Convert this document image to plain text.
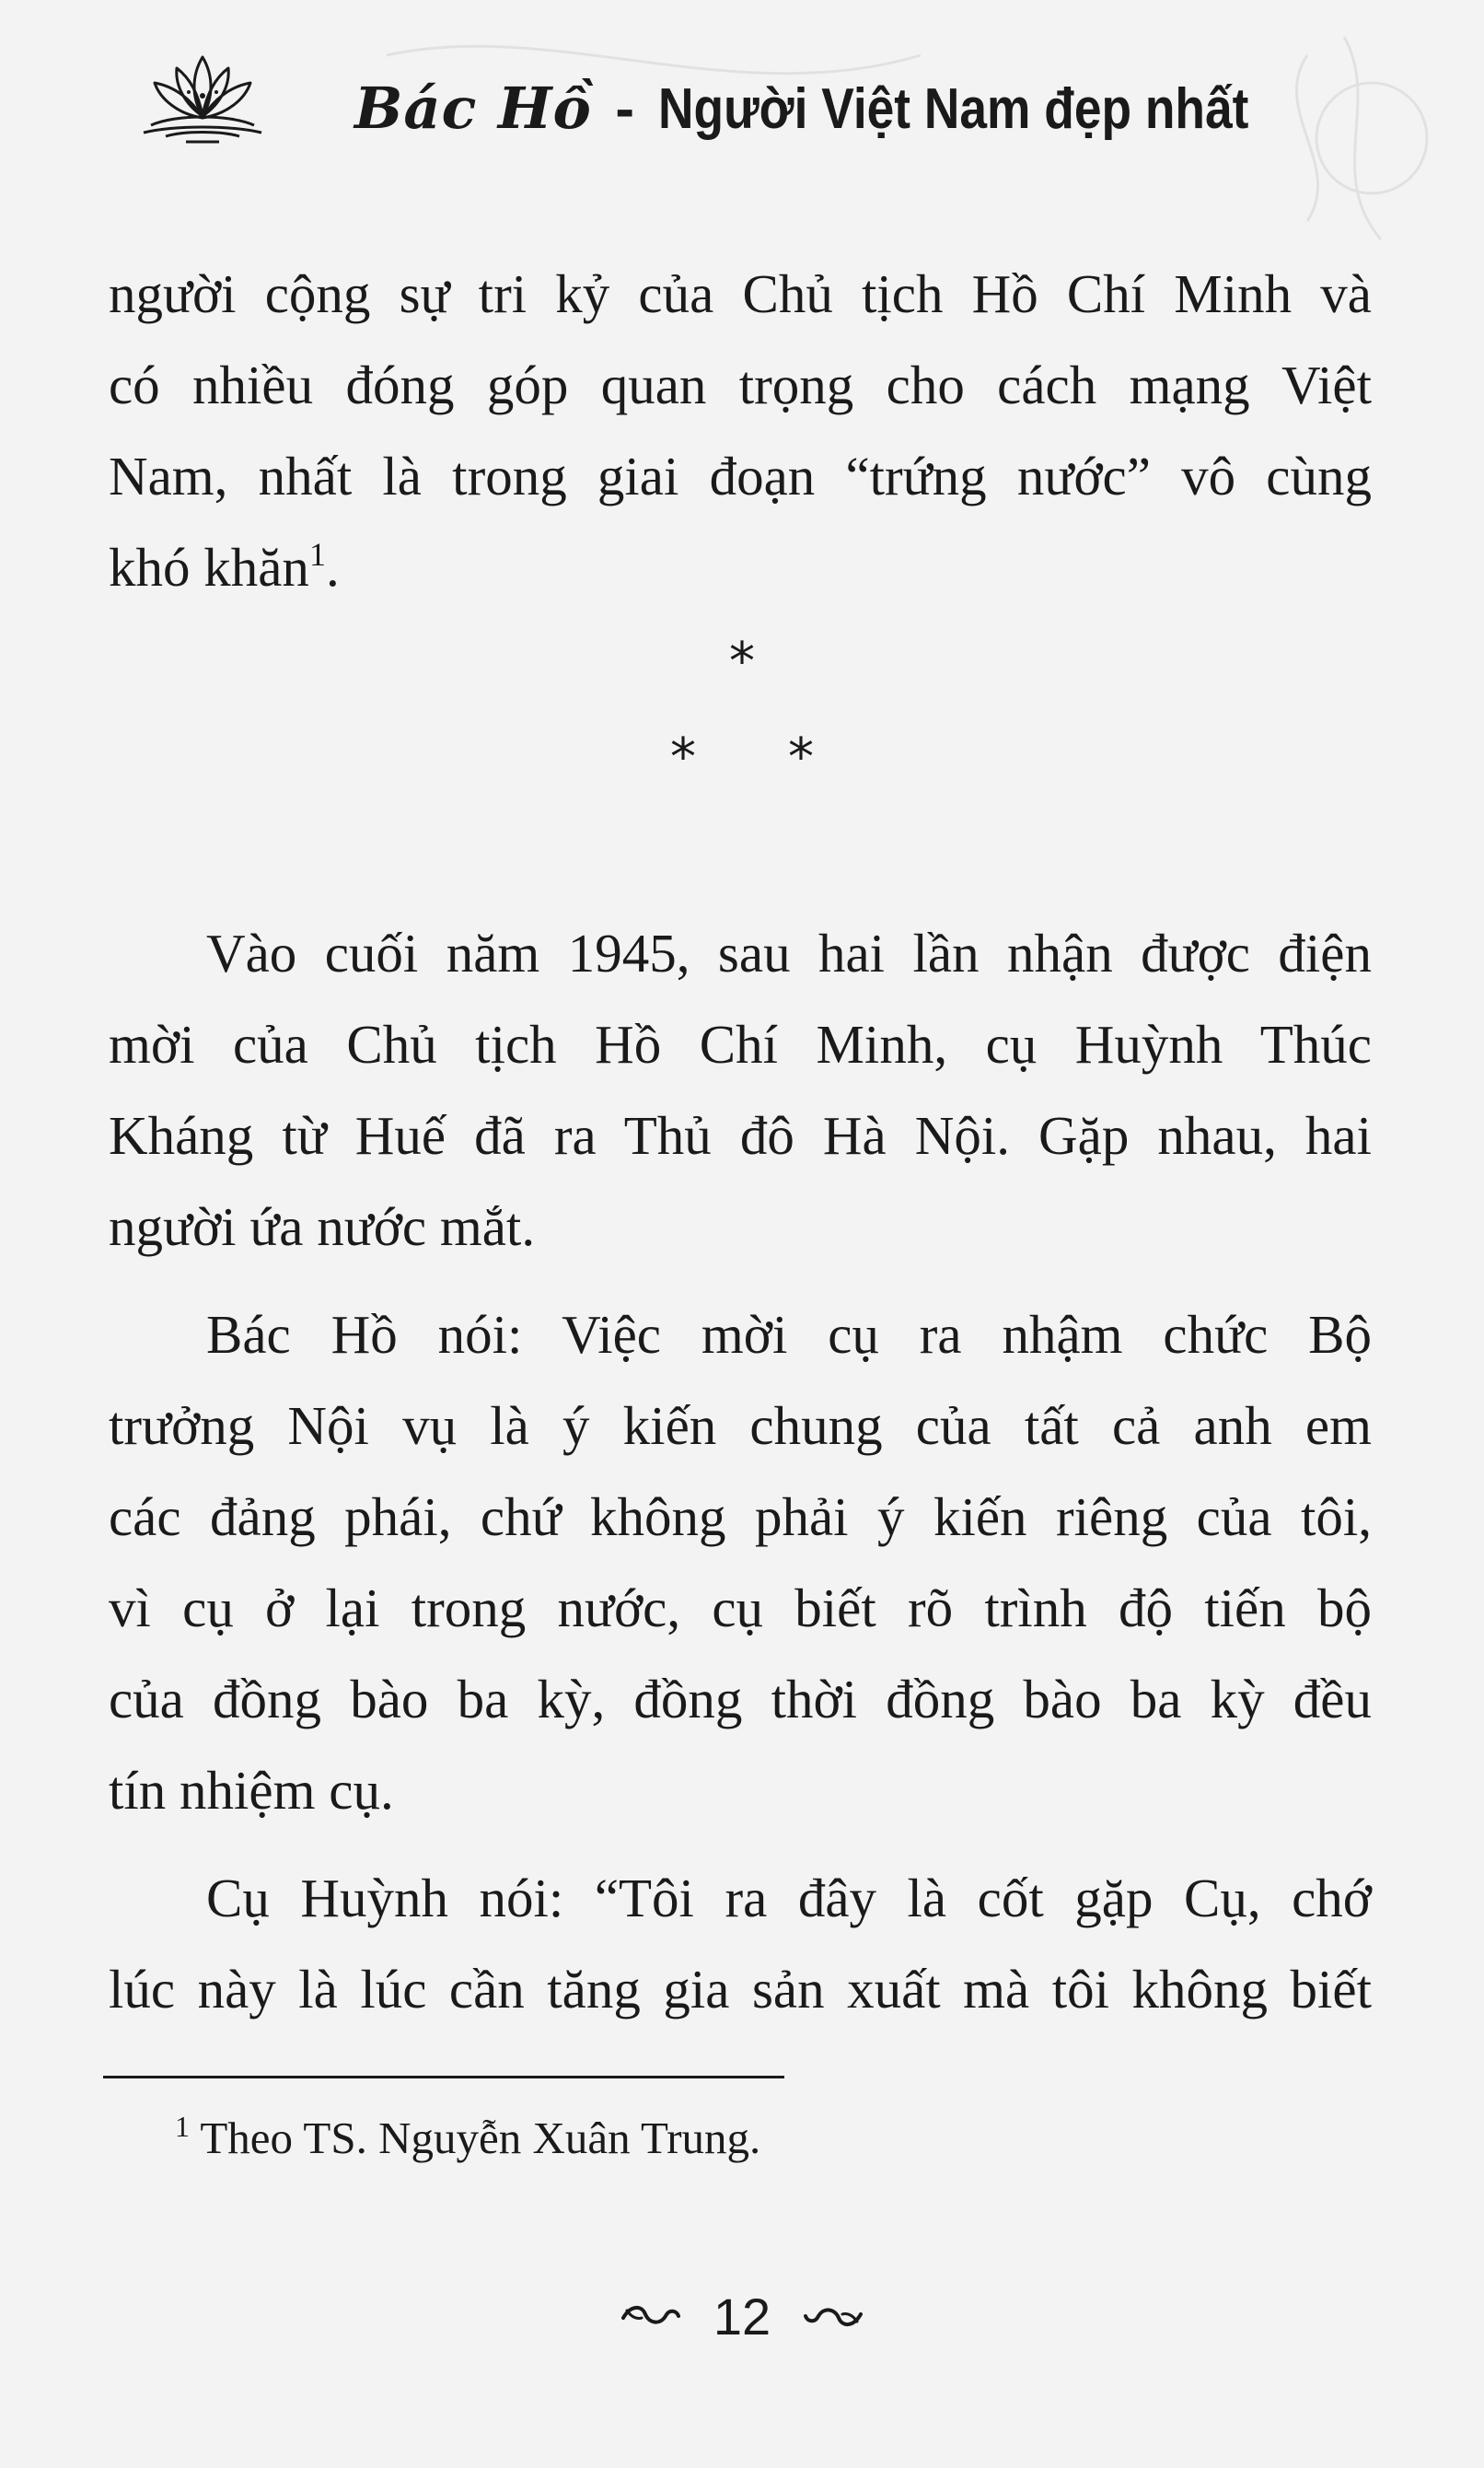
Bác Hồ - Người Việt Nam đẹp nhất
người cộng sự tri kỷ của Chủ tịch Hồ Chí Minh và
có nhiều đóng góp quan trọng cho cách mạng Việt
Nam, nhất là trong giai đoạn “trứng nước” vô cùng
khó khăn$^1$.
Vào cuối năm 1945, sau hai lần nhận được điện
mời của Chủ tịch Hồ Chí Minh, cụ Huỳnh Thúc
Kháng từ Huế đã ra Thủ đô Hà Nội. Gặp nhau, hai
người ứa nước mắt.
Bác Hồ nói: Việc mời cụ ra nhậm chức Bộ
trưởng Nội vụ là ý kiến chung của tất cả anh em
các đảng phái, chứ không phải ý kiến riêng của tôi,
vì cụ ở lại trong nước, cụ biết rõ trình độ tiến bộ
của đồng bào ba kỳ, đồng thời đồng bào ba kỳ đều
tín nhiệm cụ.
Cụ Huỳnh nói: “Tôi ra đây là cốt gặp Cụ, chớ
lúc này là lúc cần tăng gia sản xuất mà tôi không biết
*
* *
$^1$ Theo TS. Nguyễn Xuân Trung.
12
